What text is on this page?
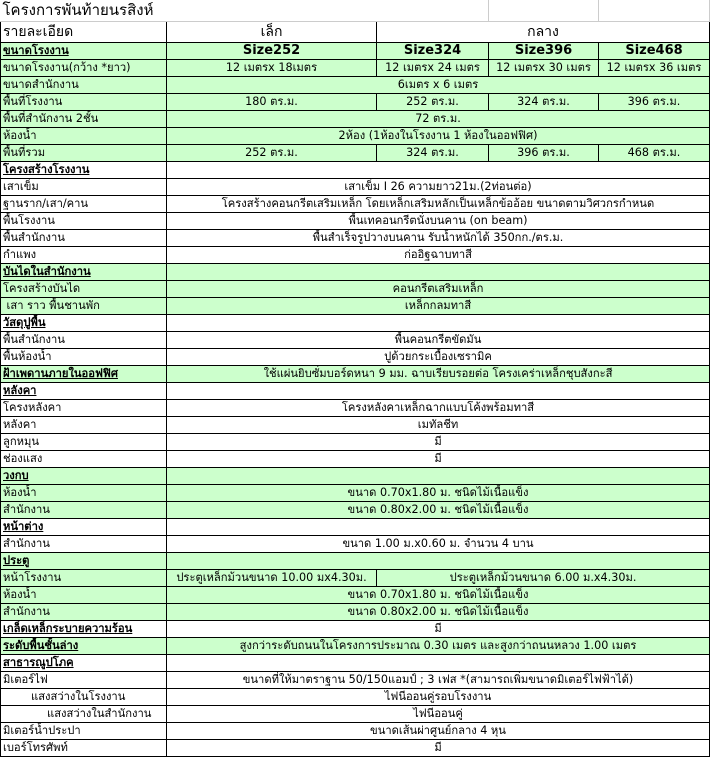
โครงการพันท้ายนรสิงห์				
รายละเอียด	เล็ก	กลาง		
ขนาดโรงงาน	Size252	Size324	Size396	Size468
ขนาดโรงงาน(กว้าง *ยาว)	12 เมตรx 18เมตร	12 เมตรx 24 เมตร	12 เมตรx 30 เมตร	12 เมตรx 36 เมตร
ขนาดสำนักงาน	6เมตร x 6 เมตร			
พื้นที่โรงงาน	180 ตร.ม.	252 ตร.ม.	324 ตร.ม.	396 ตร.ม.
พื้นที่สำนักงาน 2ชั้น	72 ตร.ม.			
ห้องน้ำ	2ห้อง (1ห้องในโรงงาน 1 ห้องในออฟฟิศ)			
พื้นที่รวม	252 ตร.ม.	324 ตร.ม.	396 ตร.ม.	468 ตร.ม.
โครงสร้างโรงงาน				
เสาเข็ม	เสาเข็ม I 26 ความยาว21ม.(2ท่อนต่อ)			
ฐานราก/เสา/คาน	โครงสร้างคอนกรีตเสริมเหล็ก โดยเหล็กเสริมหลักเป็นเหล็กข้ออ้อย ขนาดตามวิศวกรกำหนด			
พื้นโรงงาน	พื้นเทคอนกรีตนั่งบนคาน (on beam)			
พื้นสำนักงาน	พื้นสำเร็จรูปวางบนคาน รับน้ำหนักได้ 350กก./ตร.ม.			
กำแพง	ก่ออิฐฉาบทาสี			
บันไดในสำนักงาน				
โครงสร้างบันได	คอนกรีตเสริมเหล็ก			
เสา ราว พื้นชานพัก	เหล็กกลมทาสี			
วัสดุปูพื้น				
พื้นสำนักงาน	พื้นคอนกรีตขัดมัน			
พื้นห้องน้ำ	ปูด้วยกระเบื้องเซรามิค			
ฝ้าเพดานภายในออฟฟิศ	ใช้แผ่นยิบซั่มบอร์ดหนา 9 มม. ฉาบเรียบรอยต่อ โครงเคร่าเหล็กชุบสังกะสี			
หลังคา				
โครงหลังคา	โครงหลังคาเหล็กฉากแบบโค้งพร้อมทาสี			
หลังคา	เมทัลชีท			
ลูกหมุน	มี			
ช่องแสง	มี			
วงกบ				
ห้องน้ำ	ขนาด 0.70x1.80 ม. ชนิดไม้เนื้อแข็ง			
สำนักงาน	ขนาด 0.80x2.00 ม. ชนิดไม้เนื้อแข็ง			
หน้าต่าง				
สำนักงาน	ขนาด 1.00 ม.x0.60 ม. จำนวน 4 บาน			
ประตู				
หน้าโรงงาน	ประตูเหล็กม้วนขนาด 10.00 มx4.30ม.	ประตูเหล็กม้วนขนาด 6.00 ม.x4.30ม.		
ห้องน้ำ	ขนาด 0.70x1.80 ม. ชนิดไม้เนื้อแข็ง			
สำนักงาน	ขนาด 0.80x2.00 ม. ชนิดไม้เนื้อแข็ง			
เกล็ดเหล็กระบายความร้อน	มี			
ระดับพื้นชั้นล่าง	สูงกว่าระดับถนนในโครงการประมาณ 0.30 เมตร และสูงกว่าถนนหลวง 1.00 เมตร			
สาธารณูปโภค				
มิเตอร์ไฟ	ขนาดที่ให้มาตราฐาน 50/150แอมป์ ; 3 เฟส *(สามารถเพิ่มขนาดมิเตอร์ไฟฟ้าได้)			
แสงสว่างในโรงงาน	ไฟนีออนคู่รอบโรงงาน			
แสงสว่างในสำนักงาน	ไฟนีออนคู่			
มิเตอร์น้ำประปา	ขนาดเส้นผ่าศูนย์กลาง 4 หุน			
เบอร์โทรศัพท์	มี			
